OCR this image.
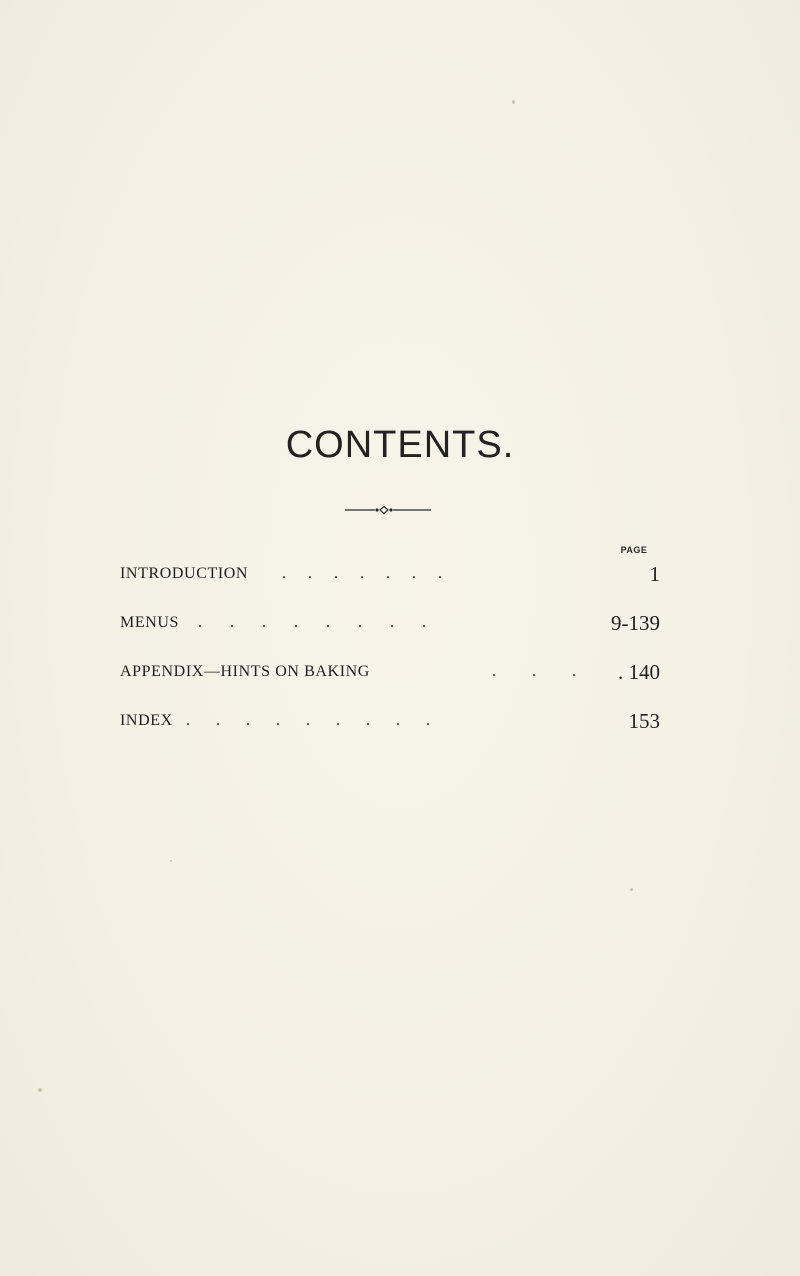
CONTENTS.
PAGE
INTRODUCTION . . . . . . .	1
MENUS . . . . . . . .	9-139
APPENDIX—HINTS ON BAKING	. . . . 140
INDEX . . . . . . . . .	153
